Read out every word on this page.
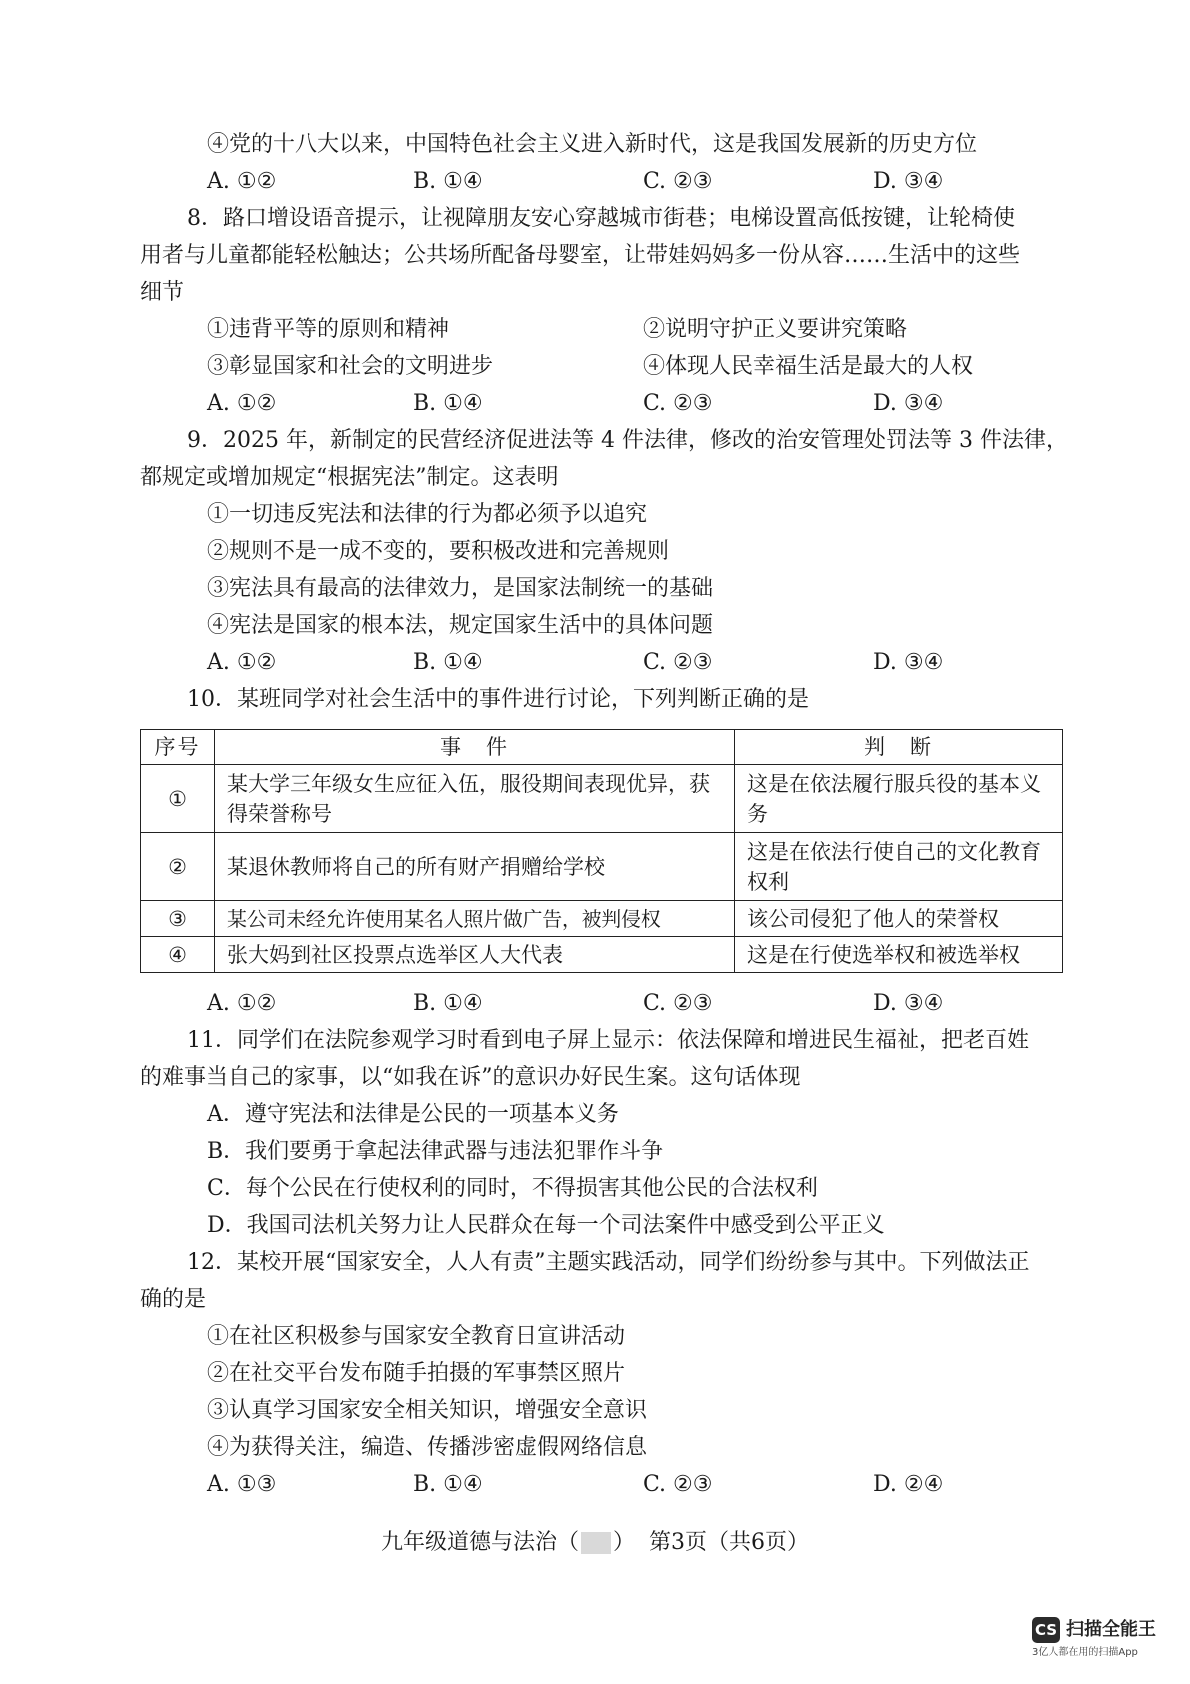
④党的十八大以来，中国特色社会主义进入新时代，这是我国发展新的历史方位
A. ①②	B. ①④	C. ②③	D. ③④
8．路口增设语音提示，让视障朋友安心穿越城市街巷；电梯设置高低按键，让轮椅使
用者与儿童都能轻松触达；公共场所配备母婴室，让带娃妈妈多一份从容……生活中的这些
细节
①违背平等的原则和精神	②说明守护正义要讲究策略
③彰显国家和社会的文明进步	④体现人民幸福生活是最大的人权
A. ①②	B. ①④	C. ②③	D. ③④
9．2025 年，新制定的民营经济促进法等 4 件法律，修改的治安管理处罚法等 3 件法律，
都规定或增加规定“根据宪法”制定。这表明
①一切违反宪法和法律的行为都必须予以追究
②规则不是一成不变的，要积极改进和完善规则
③宪法具有最高的法律效力，是国家法制统一的基础
④宪法是国家的根本法，规定国家生活中的具体问题
A. ①②	B. ①④	C. ②③	D. ③④
10．某班同学对社会生活中的事件进行讨论，下列判断正确的是
序号	事　件	判　断
①	某大学三年级女生应征入伍，服役期间表现优异，获得荣誉称号	这是在依法履行服兵役的基本义务
②	某退休教师将自己的所有财产捐赠给学校	这是在依法行使自己的文化教育权利
③	某公司未经允许使用某名人照片做广告，被判侵权	该公司侵犯了他人的荣誉权
④	张大妈到社区投票点选举区人大代表	这是在行使选举权和被选举权
A. ①②	B. ①④	C. ②③	D. ③④
11．同学们在法院参观学习时看到电子屏上显示：依法保障和增进民生福祉，把老百姓
的难事当自己的家事，以“如我在诉”的意识办好民生案。这句话体现
A．遵守宪法和法律是公民的一项基本义务
B．我们要勇于拿起法律武器与违法犯罪作斗争
C．每个公民在行使权利的同时，不得损害其他公民的合法权利
D．我国司法机关努力让人民群众在每一个司法案件中感受到公平正义
12．某校开展“国家安全，人人有责”主题实践活动，同学们纷纷参与其中。下列做法正
确的是
①在社区积极参与国家安全教育日宣讲活动
②在社交平台发布随手拍摄的军事禁区照片
③认真学习国家安全相关知识，增强安全意识
④为获得关注，编造、传播涉密虚假网络信息
A. ①③	B. ①④	C. ②③	D. ②④
九年级道德与法治（ ） 第3页（共6页）
CS 扫描全能王
3亿人都在用的扫描App
